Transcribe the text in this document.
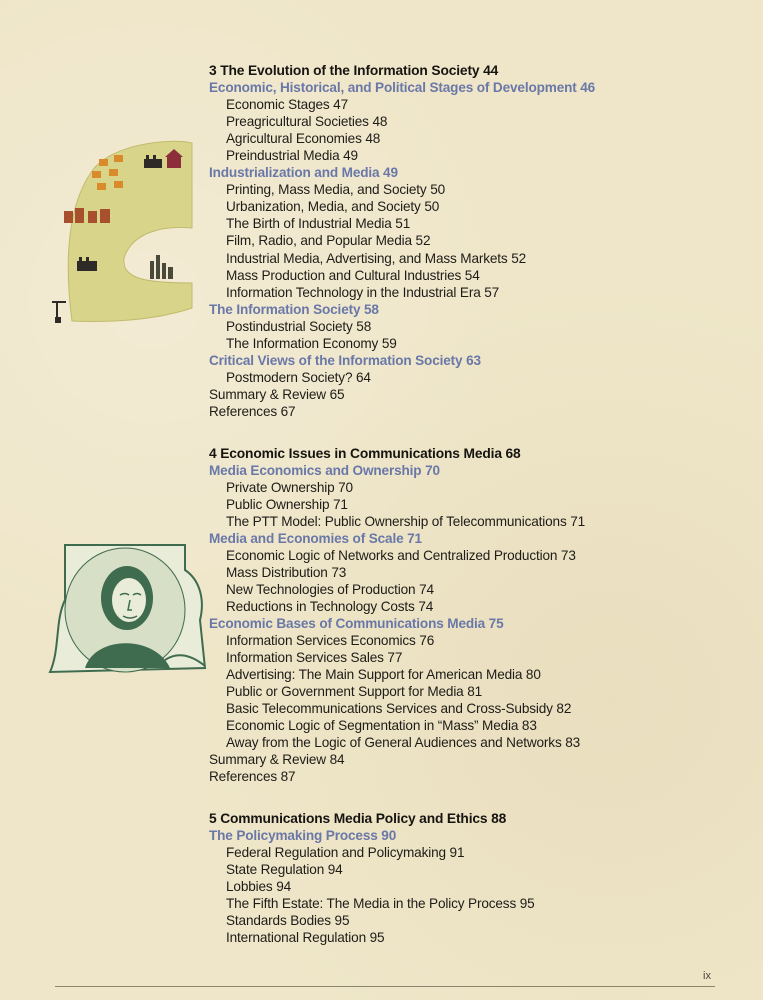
3 The Evolution of the Information Society 44
Economic, Historical, and Political Stages of Development 46
Economic Stages 47
Preagricultural Societies 48
Agricultural Economies 48
Preindustrial Media 49
Industrialization and Media 49
Printing, Mass Media, and Society 50
Urbanization, Media, and Society 50
The Birth of Industrial Media 51
Film, Radio, and Popular Media 52
Industrial Media, Advertising, and Mass Markets 52
Mass Production and Cultural Industries 54
Information Technology in the Industrial Era 57
The Information Society 58
Postindustrial Society 58
The Information Economy 59
Critical Views of the Information Society 63
Postmodern Society? 64
Summary & Review 65
References 67
4 Economic Issues in Communications Media 68
Media Economics and Ownership 70
Private Ownership 70
Public Ownership 71
The PTT Model: Public Ownership of Telecommunications 71
Media and Economies of Scale 71
Economic Logic of Networks and Centralized Production 73
Mass Distribution 73
New Technologies of Production 74
Reductions in Technology Costs 74
Economic Bases of Communications Media 75
Information Services Economics 76
Information Services Sales 77
Advertising: The Main Support for American Media 80
Public or Government Support for Media 81
Basic Telecommunications Services and Cross-Subsidy 82
Economic Logic of Segmentation in “Mass” Media 83
Away from the Logic of General Audiences and Networks 83
Summary & Review 84
References 87
5 Communications Media Policy and Ethics 88
The Policymaking Process 90
Federal Regulation and Policymaking 91
State Regulation 94
Lobbies 94
The Fifth Estate: The Media in the Policy Process 95
Standards Bodies 95
International Regulation 95
ix
